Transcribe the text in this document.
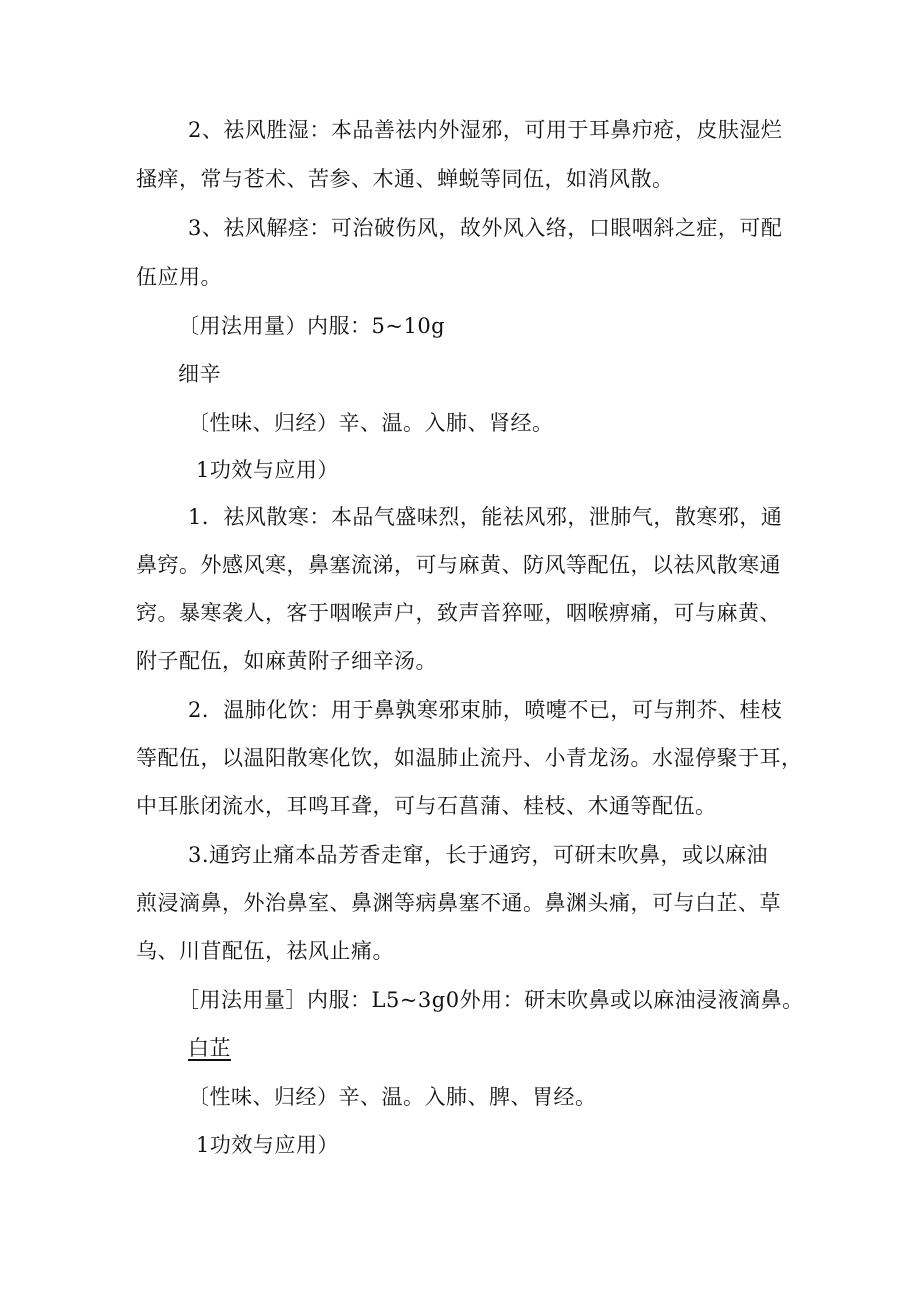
2、祛风胜湿：本品善祛内外湿邪，可用于耳鼻疖疮，皮肤湿烂
搔痒，常与苍术、苦参、木通、蝉蜕等同伍，如消风散。
3、祛风解痉：可治破伤风，故外风入络，口眼咽斜之症，可配
伍应用。
〔用法用量）内服：5~10g
细辛
〔性味、归经）辛、温。入肺、肾经。
1功效与应用）
1．祛风散寒：本品气盛味烈，能祛风邪，泄肺气，散寒邪，通
鼻窍。外感风寒，鼻塞流涕，可与麻黄、防风等配伍，以祛风散寒通
窍。暴寒袭人，客于咽喉声户，致声音猝哑，咽喉痹痛，可与麻黄、
附子配伍，如麻黄附子细辛汤。
2．温肺化饮：用于鼻孰寒邪束肺，喷嚏不已，可与荆芥、桂枝
等配伍，以温阳散寒化饮，如温肺止流丹、小青龙汤。水湿停聚于耳，
中耳胀闭流水，耳鸣耳聋，可与石菖蒲、桂枝、木通等配伍。
3.通窍止痛本品芳香走窜，长于通窍，可研末吹鼻，或以麻油
煎浸滴鼻，外治鼻室、鼻渊等病鼻塞不通。鼻渊头痛，可与白芷、草
乌、川苜配伍，祛风止痛。
［用法用量］内服：L5~3g0外用：研末吹鼻或以麻油浸液滴鼻。
白芷
〔性味、归经）辛、温。入肺、脾、胃经。
1功效与应用）
